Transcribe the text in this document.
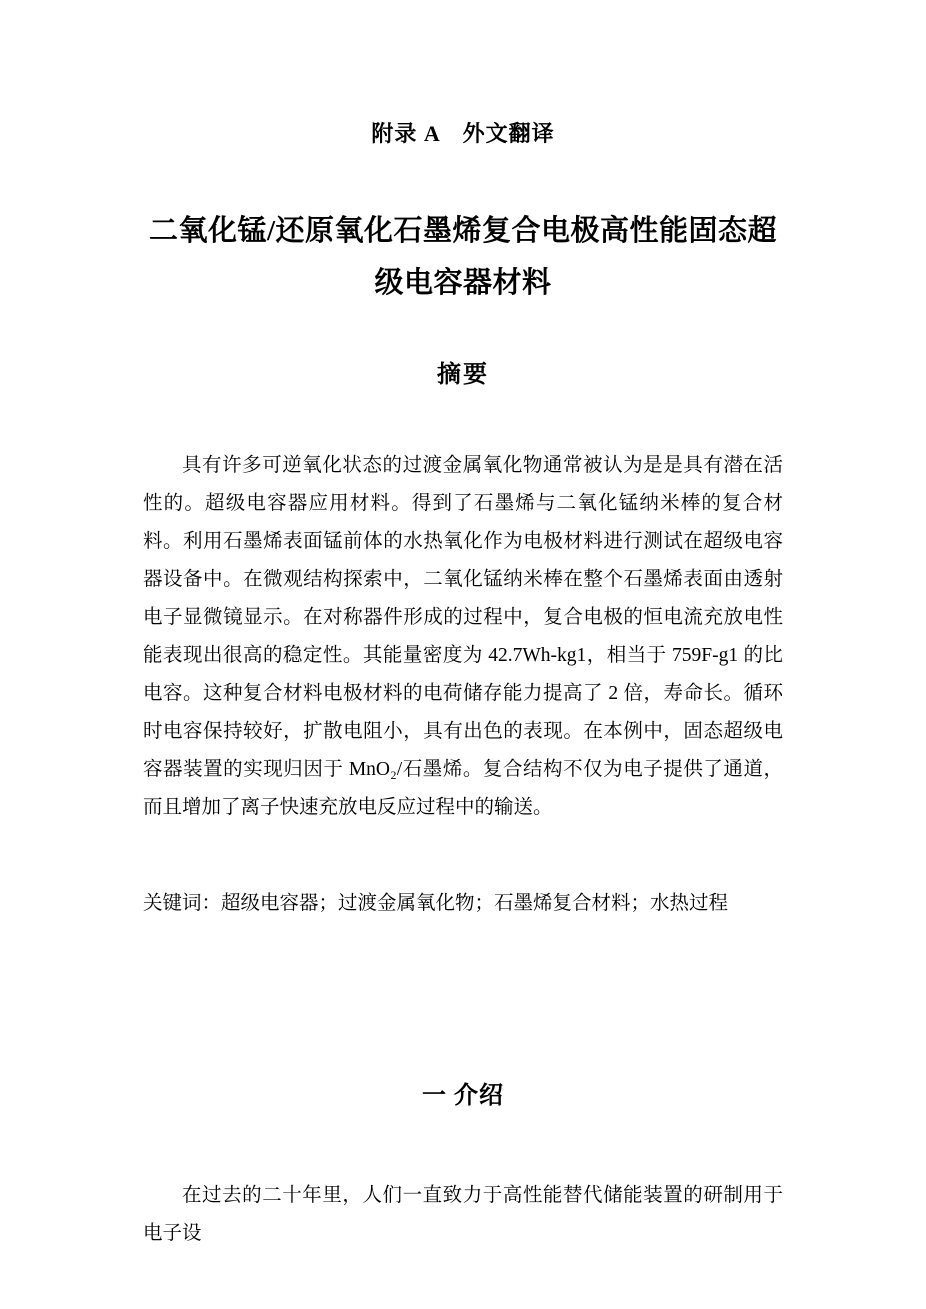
附录 A　外文翻译
二氧化锰/还原氧化石墨烯复合电极高性能固态超级电容器材料
摘要

具有许多可逆氧化状态的过渡金属氧化物通常被认为是是具有潜在活性的。超级电容器应用材料。得到了石墨烯与二氧化锰纳米棒的复合材料。利用石墨烯表面锰前体的水热氧化作为电极材料进行测试在超级电容器设备中。在微观结构探索中，二氧化锰纳米棒在整个石墨烯表面由透射电子显微镜显示。在对称器件形成的过程中，复合电极的恒电流充放电性能表现出很高的稳定性。其能量密度为 42.7Wh-kg1，相当于 759F-g1 的比电容。这种复合材料电极材料的电荷储存能力提高了 2 倍，寿命长。循环时电容保持较好，扩散电阻小，具有出色的表现。在本例中，固态超级电容器装置的实现归因于 MnO₂/石墨烯。复合结构不仅为电子提供了通道，而且增加了离子快速充放电反应过程中的输送。

关键词：超级电容器；过渡金属氧化物；石墨烯复合材料；水热过程

一 介绍

在过去的二十年里，人们一直致力于高性能替代储能装置的研制用于电子设
